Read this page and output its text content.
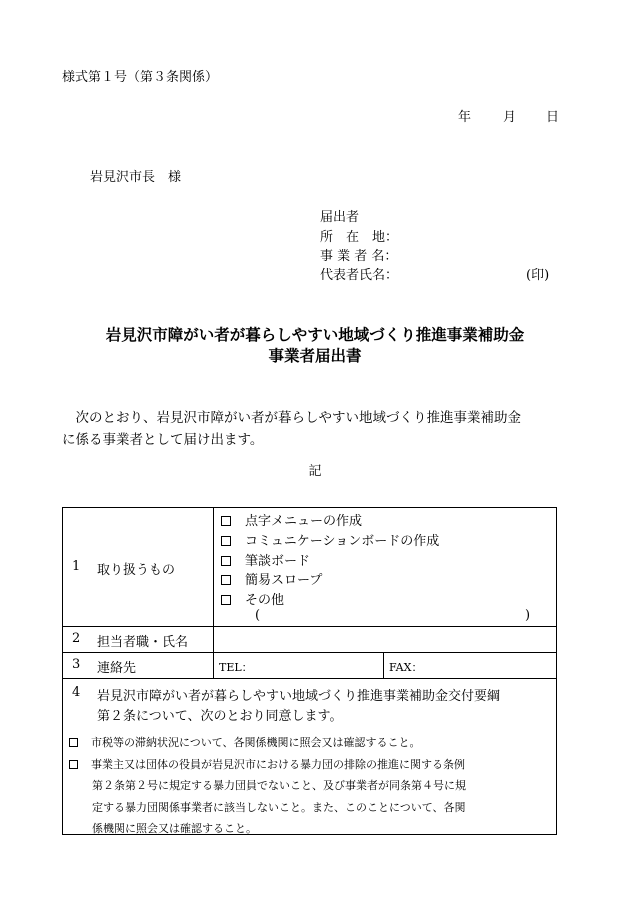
様式第１号（第３条関係）
年 月 日
岩見沢市長　様
届出者
所　在　地：
事 業 者 名：
代表者氏名：	(印)
岩見沢市障がい者が暮らしやすい地域づくり推進事業補助金
事業者届出書
　次のとおり、岩見沢市障がい者が暮らしやすい地域づくり推進事業補助金
に係る事業者として届け出ます。
記
1 取り扱うもの
点字メニューの作成
コミュニケーションボードの作成
筆談ボード
簡易スロープ
その他
(	)
2 担当者職・氏名
3 連絡先	TEL：	FAX：
4 岩見沢市障がい者が暮らしやすい地域づくり推進事業補助金交付要綱
第２条について、次のとおり同意します。
市税等の滞納状況について、各関係機関に照会又は確認すること。
事業主又は団体の役員が岩見沢市における暴力団の排除の推進に関する条例
第２条第２号に規定する暴力団員でないこと、及び事業者が同条第４号に規
定する暴力団関係事業者に該当しないこと。また、このことについて、各関
係機関に照会又は確認すること。
